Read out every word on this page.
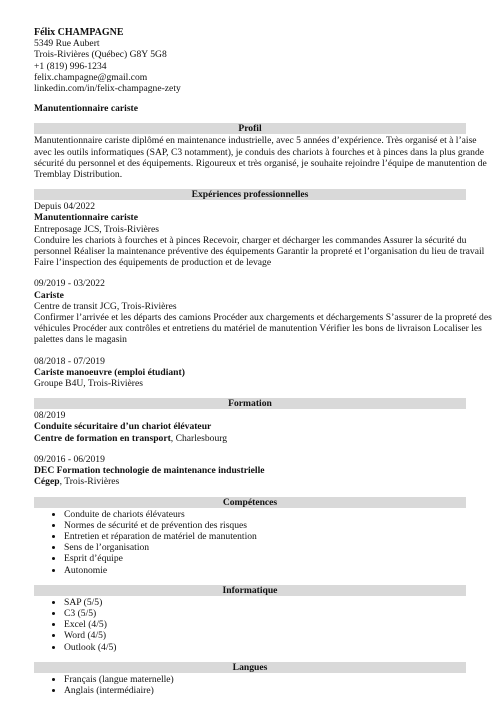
Félix CHAMPAGNE
5349 Rue Aubert
Trois-Rivières (Québec) G8Y 5G8
+1 (819) 996-1234
felix.champagne@gmail.com
linkedin.com/in/felix-champagne-zety
Manutentionnaire cariste
Profil
Manutentionnaire cariste diplômé en maintenance industrielle, avec 5 années d’expérience. Très organisé et à l’aise
avec les outils informatiques (SAP, C3 notamment), je conduis des chariots à fourches et à pinces dans la plus grande
sécurité du personnel et des équipements. Rigoureux et très organisé, je souhaite rejoindre l’équipe de manutention de
Tremblay Distribution.
Expériences professionnelles
Depuis 04/2022
Manutentionnaire cariste
Entreposage JCS, Trois-Rivières
Conduire les chariots à fourches et à pinces Recevoir, charger et décharger les commandes Assurer la sécurité du
personnel Réaliser la maintenance préventive des équipements Garantir la propreté et l’organisation du lieu de travail
Faire l’inspection des équipements de production et de levage
09/2019 - 03/2022
Cariste
Centre de transit JCG, Trois-Rivières
Confirmer l’arrivée et les départs des camions Procéder aux chargements et déchargements S’assurer de la propreté des
véhicules Procéder aux contrôles et entretiens du matériel de manutention Vérifier les bons de livraison Localiser les
palettes dans le magasin
08/2018 - 07/2019
Cariste manoeuvre (emploi étudiant)
Groupe B4U, Trois-Rivières
Formation
08/2019
Conduite sécuritaire d’un chariot élévateur
Centre de formation en transport, Charlesbourg
09/2016 - 06/2019
DEC Formation technologie de maintenance industrielle
Cégep, Trois-Rivières
Compétences
• Conduite de chariots élévateurs
• Normes de sécurité et de prévention des risques
• Entretien et réparation de matériel de manutention
• Sens de l’organisation
• Esprit d’équipe
• Autonomie
Informatique
• SAP (5/5)
• C3 (5/5)
• Excel (4/5)
• Word (4/5)
• Outlook (4/5)
Langues
• Français (langue maternelle)
• Anglais (intermédiaire)
